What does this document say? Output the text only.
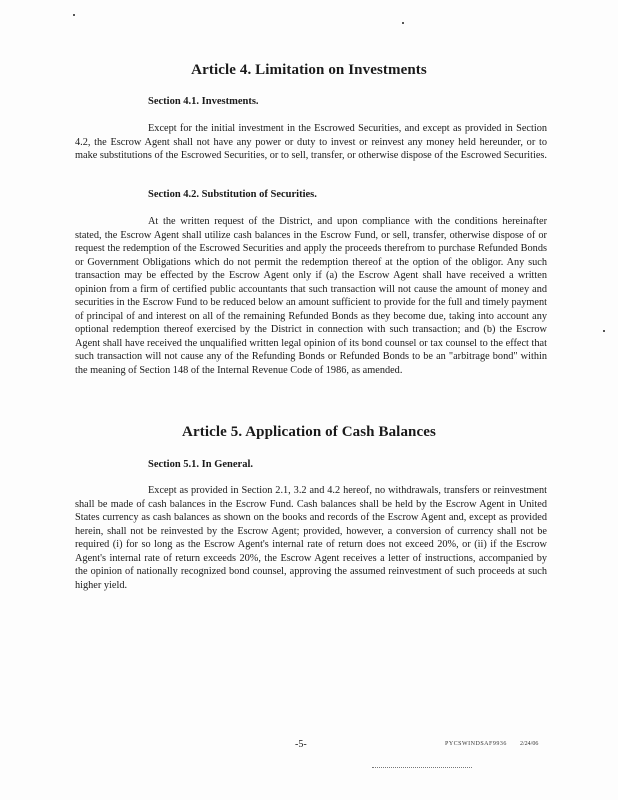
Article 4. Limitation on Investments
Section 4.1. Investments.

Except for the initial investment in the Escrowed Securities, and except as provided in Section 4.2, the Escrow Agent shall not have any power or duty to invest or reinvest any money held hereunder, or to make substitutions of the Escrowed Securities, or to sell, transfer, or otherwise dispose of the Escrowed Securities.

Section 4.2. Substitution of Securities.

At the written request of the District, and upon compliance with the conditions hereinafter stated, the Escrow Agent shall utilize cash balances in the Escrow Fund, or sell, transfer, otherwise dispose of or request the redemption of the Escrowed Securities and apply the proceeds therefrom to purchase Refunded Bonds or Government Obligations which do not permit the redemption thereof at the option of the obligor. Any such transaction may be effected by the Escrow Agent only if (a) the Escrow Agent shall have received a written opinion from a firm of certified public accountants that such transaction will not cause the amount of money and securities in the Escrow Fund to be reduced below an amount sufficient to provide for the full and timely payment of principal of and interest on all of the remaining Refunded Bonds as they become due, taking into account any optional redemption thereof exercised by the District in connection with such transaction; and (b) the Escrow Agent shall have received the unqualified written legal opinion of its bond counsel or tax counsel to the effect that such transaction will not cause any of the Refunding Bonds or Refunded Bonds to be an "arbitrage bond" within the meaning of Section 148 of the Internal Revenue Code of 1986, as amended.

Article 5. Application of Cash Balances
Section 5.1. In General.

Except as provided in Section 2.1, 3.2 and 4.2 hereof, no withdrawals, transfers or reinvestment shall be made of cash balances in the Escrow Fund. Cash balances shall be held by the Escrow Agent in United States currency as cash balances as shown on the books and records of the Escrow Agent and, except as provided herein, shall not be reinvested by the Escrow Agent; provided, however, a conversion of currency shall not be required (i) for so long as the Escrow Agent's internal rate of return does not exceed 20%, or (ii) if the Escrow Agent's internal rate of return exceeds 20%, the Escrow Agent receives a letter of instructions, accompanied by the opinion of nationally recognized bond counsel, approving the assumed reinvestment of such proceeds at such higher yield.

-5-	PYCSWINDSAF9936 2/24/06
